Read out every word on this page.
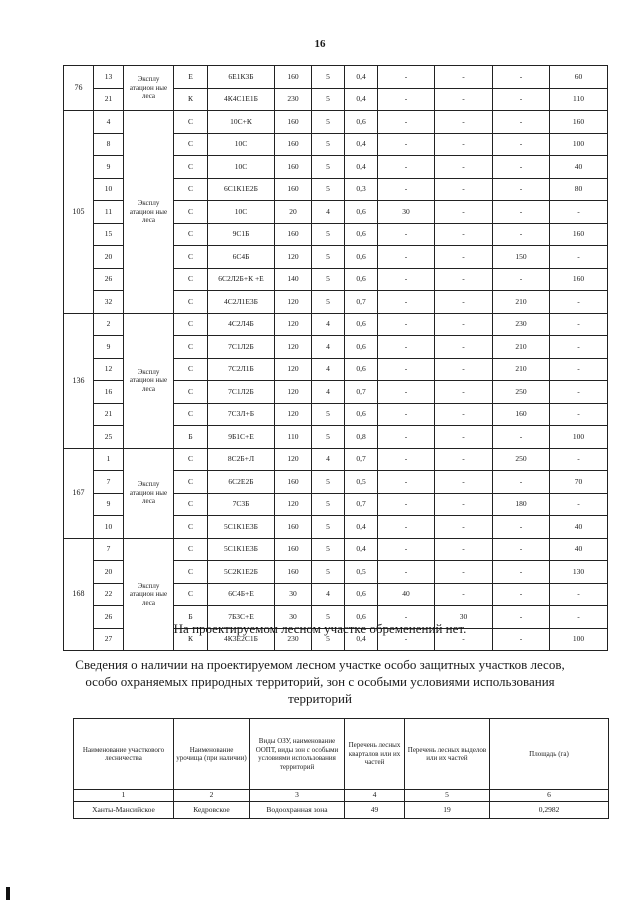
16
76	13	Эксплу атацион ные леса	Е	6Е1К3Б	160	5	0,4	-	-	-	60
	21		К	4К4С1Е1Б	230	5	0,4	-	-	-	110
105	4	Эксплу атацион ные леса	С	10С+К	160	5	0,6	-	-	-	160
	8		С	10С	160	5	0,4	-	-	-	100
	9		С	10С	160	5	0,4	-	-	-	40
	10		С	6С1К1Е2Б	160	5	0,3	-	-	-	80
	11		С	10С	20	4	0,6	30	-	-	-
	15		С	9С1Б	160	5	0,6	-	-	-	160
	20		С	6С4Б	120	5	0,6	-	-	150	-
	26		С	6С2Л2Б+К +Е	140	5	0,6	-	-	-	160
	32		С	4С2Л1Е3Б	120	5	0,7	-	-	210	-
136	2	Эксплу атацион ные леса	С	4С2Л4Б	120	4	0,6	-	-	230	-
	9		С	7С1Л2Б	120	4	0,6	-	-	210	-
	12		С	7С2Л1Б	120	4	0,6	-	-	210	-
	16		С	7С1Л2Б	120	4	0,7	-	-	250	-
	21		С	7С3Л+Б	120	5	0,6	-	-	160	-
	25		Б	9Б1С+Е	110	5	0,8	-	-	-	100
167	1	Эксплу атацион ные леса	С	8С2Б+Л	120	4	0,7	-	-	250	-
	7		С	6С2Е2Б	160	5	0,5	-	-	-	70
	9		С	7С3Б	120	5	0,7	-	-	180	-
	10		С	5С1К1Е3Б	160	5	0,4	-	-	-	40
168	7	Эксплу атацион ные леса	С	5С1К1Е3Б	160	5	0,4	-	-	-	40
	20		С	5С2К1Е2Б	160	5	0,5	-	-	-	130
	22		С	6С4Б+Е	30	4	0,6	40	-	-	-
	26		Б	7Б3С+Е	30	5	0,6	-	30	-	-
	27		К	4К3Е2С1Б	230	5	0,4	-	-	-	100
На проектируемом лесном участке обременений нет.
Сведения о наличии на проектируемом лесном участке особо защитных участков лесов, особо охраняемых природных территорий, зон с особыми условиями использования территорий
Наименование участкового лесничества	Наименование урочища (при наличии)	Виды ОЗУ, наименование ООПТ, виды зон с особыми условиями использования территорий	Перечень лесных кварталов или их частей	Перечень лесных выделов или их частей	Площадь (га)
1	2	3	4	5	6
Ханты-Мансийское	Кедровское	Водоохранная зона	49	19	0,2982
